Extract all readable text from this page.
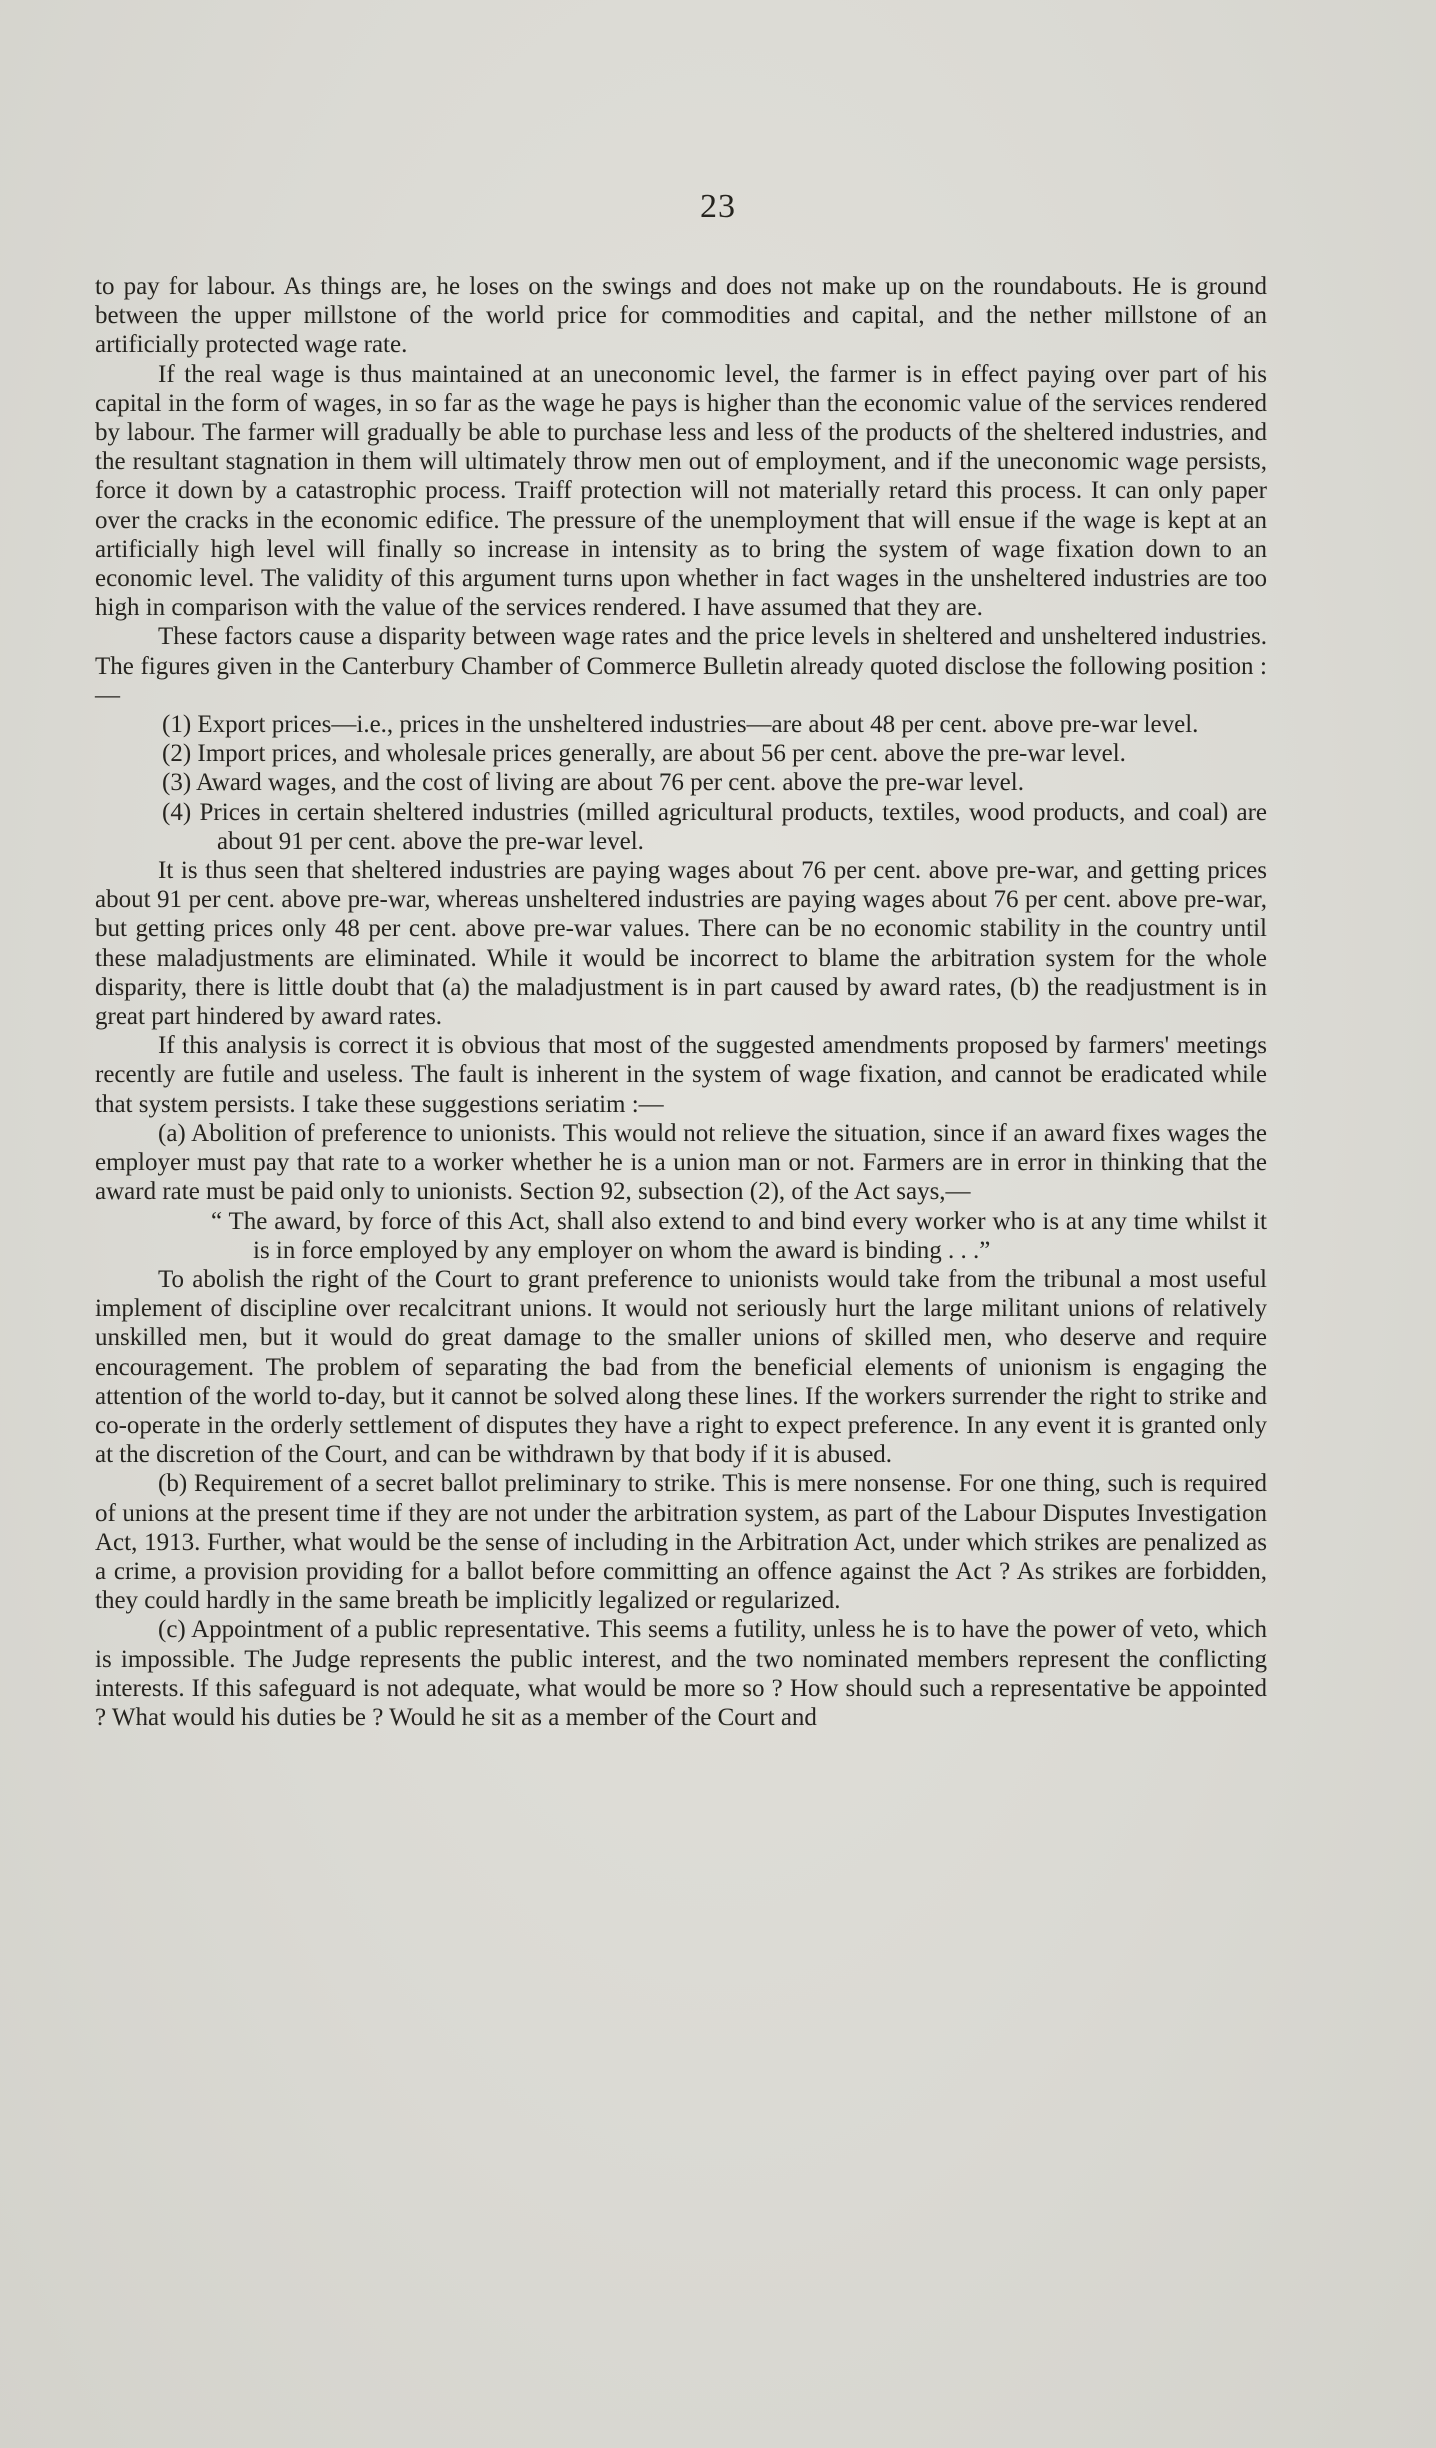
23

to pay for labour. As things are, he loses on the swings and does not make up on the roundabouts. He is ground between the upper millstone of the world price for commodities and capital, and the nether millstone of an artificially protected wage rate.

If the real wage is thus maintained at an uneconomic level, the farmer is in effect paying over part of his capital in the form of wages, in so far as the wage he pays is higher than the economic value of the services rendered by labour. The farmer will gradually be able to purchase less and less of the products of the sheltered industries, and the resultant stagnation in them will ultimately throw men out of employment, and if the uneconomic wage persists, force it down by a catastrophic process. Traiff protection will not materially retard this process. It can only paper over the cracks in the economic edifice. The pressure of the unemployment that will ensue if the wage is kept at an artificially high level will finally so increase in intensity as to bring the system of wage fixation down to an economic level. The validity of this argument turns upon whether in fact wages in the unsheltered industries are too high in comparison with the value of the services rendered. I have assumed that they are.

These factors cause a disparity between wage rates and the price levels in sheltered and unsheltered industries. The figures given in the Canterbury Chamber of Commerce Bulletin already quoted disclose the following position :—

(1) Export prices—i.e., prices in the unsheltered industries—are about 48 per cent. above pre-war level.

(2) Import prices, and wholesale prices generally, are about 56 per cent. above the pre-war level.

(3) Award wages, and the cost of living are about 76 per cent. above the pre-war level.

(4) Prices in certain sheltered industries (milled agricultural products, textiles, wood products, and coal) are about 91 per cent. above the pre-war level.

It is thus seen that sheltered industries are paying wages about 76 per cent. above pre-war, and getting prices about 91 per cent. above pre-war, whereas unsheltered industries are paying wages about 76 per cent. above pre-war, but getting prices only 48 per cent. above pre-war values. There can be no economic stability in the country until these maladjustments are eliminated. While it would be incorrect to blame the arbitration system for the whole disparity, there is little doubt that (a) the maladjustment is in part caused by award rates, (b) the readjustment is in great part hindered by award rates.

If this analysis is correct it is obvious that most of the suggested amendments proposed by farmers' meetings recently are futile and useless. The fault is inherent in the system of wage fixation, and cannot be eradicated while that system persists. I take these suggestions seriatim :—

(a) Abolition of preference to unionists. This would not relieve the situation, since if an award fixes wages the employer must pay that rate to a worker whether he is a union man or not. Farmers are in error in thinking that the award rate must be paid only to unionists. Section 92, subsection (2), of the Act says,—

“ The award, by force of this Act, shall also extend to and bind every worker who is at any time whilst it is in force employed by any employer on whom the award is binding . . .”

To abolish the right of the Court to grant preference to unionists would take from the tribunal a most useful implement of discipline over recalcitrant unions. It would not seriously hurt the large militant unions of relatively unskilled men, but it would do great damage to the smaller unions of skilled men, who deserve and require encouragement. The problem of separating the bad from the beneficial elements of unionism is engaging the attention of the world to-day, but it cannot be solved along these lines. If the workers surrender the right to strike and co-operate in the orderly settlement of disputes they have a right to expect preference. In any event it is granted only at the discretion of the Court, and can be withdrawn by that body if it is abused.

(b) Requirement of a secret ballot preliminary to strike. This is mere nonsense. For one thing, such is required of unions at the present time if they are not under the arbitration system, as part of the Labour Disputes Investigation Act, 1913. Further, what would be the sense of including in the Arbitration Act, under which strikes are penalized as a crime, a provision providing for a ballot before committing an offence against the Act ? As strikes are forbidden, they could hardly in the same breath be implicitly legalized or regularized.

(c) Appointment of a public representative. This seems a futility, unless he is to have the power of veto, which is impossible. The Judge represents the public interest, and the two nominated members represent the conflicting interests. If this safeguard is not adequate, what would be more so ? How should such a representative be appointed ? What would his duties be ? Would he sit as a member of the Court and
